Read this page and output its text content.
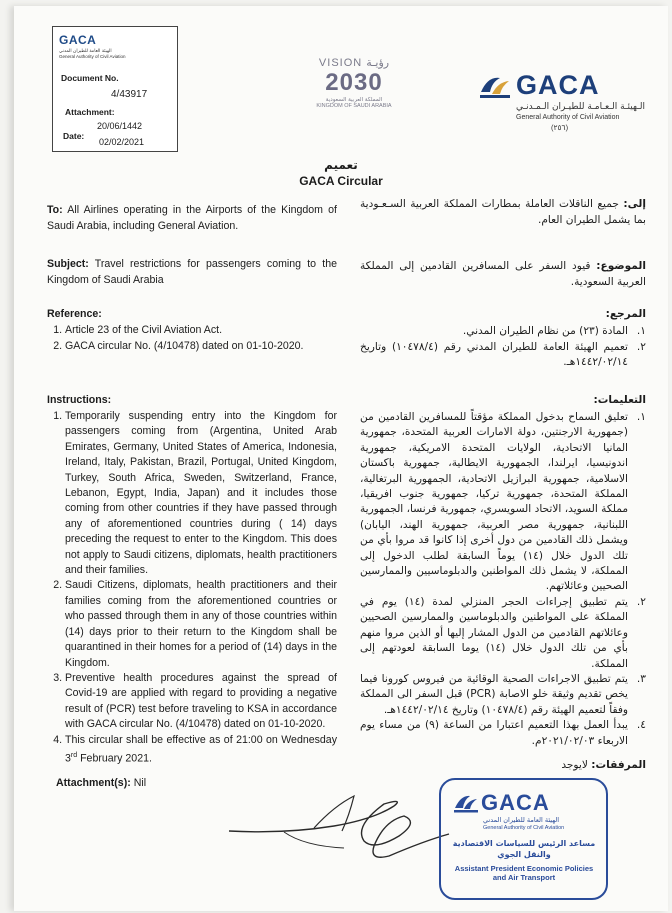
GACA
الهيئة العامة للطيران المدني
General Authority of Civil Aviation
Document No.
4/43917
Attachment:
20/06/1442
Date:
02/02/2021
VISION رؤيـة
2030
المملكة العربية السعودية
KINGDOM OF SAUDI ARABIA
GACA
الـهيئـة الـعـامـة للطيـران الـمـدنـي
General Authority of Civil Aviation
(٢٥٦)
تعميم
GACA Circular
To: All Airlines operating in the Airports of the Kingdom of Saudi Arabia, including General Aviation.
إلى: جميع الناقلات العاملة بمطارات المملكة العربية السـعـودية بما يشمل الطيران العام.
Subject: Travel restrictions for passengers coming to the Kingdom of Saudi Arabia
الموضوع: قيود السفر على المسافرين القادمين إلى المملكة العربية السعودية.
Reference:
1. Article 23 of the Civil Aviation Act.
2. GACA circular No. (4/10478) dated on 01-10-2020.
المرجع:
١.
المادة (٢٣) من نظام الطيران المدني.
٢.
تعميم الهيئة العامة للطيران المدني رقم (١٠٤٧٨/٤) وتاريخ ١٤٤٢/٠٢/١٤هـ.
Instructions:
1. Temporarily suspending entry into the Kingdom for passengers coming from (Argentina, United Arab Emirates, Germany, United States of America, Indonesia, Ireland, Italy, Pakistan, Brazil, Portugal, United Kingdom, Turkey, South Africa, Sweden, Switzerland, France, Lebanon, Egypt, India, Japan) and it includes those coming from other countries if they have passed through any of aforementioned countries during ( 14) days preceding the request to enter to the Kingdom. This does not apply to Saudi citizens, diplomats, health practitioners and their families.
2. Saudi Citizens, diplomats, health practitioners and their families coming from the aforementioned countries or who passed through them in any of those countries within (14) days prior to their return to the Kingdom shall be quarantined in their homes for a period of (14) days in the Kingdom.
3. Preventive health procedures against the spread of Covid-19 are applied with regard to providing a negative result of (PCR) test before traveling to KSA in accordance with GACA circular No. (4/10478) dated on 01-10-2020.
4. This circular shall be effective as of 21:00 on Wednesday 3rd February 2021.
التعليمات:
١.
تعليق السماح بدخول المملكة مؤقتاً للمسافرين القادمين من (جمهورية الارجنتين، دولة الامارات العربية المتحدة، جمهورية المانيا الاتحادية، الولايات المتحدة الامريكية، جمهورية اندونيسيا، ايرلندا، الجمهورية الايطالية، جمهورية باكستان الاسلامية، جمهورية البرازيل الاتحادية، الجمهورية البرتغالية، المملكة المتحدة، جمهورية تركيا، جمهورية جنوب افريقيا، مملكة السويد، الاتحاد السويسري، جمهورية فرنسا، الجمهورية اللبنانية، جمهورية مصر العربية، جمهورية الهند، اليابان) ويشمل ذلك القادمين من دول أخرى إذا كانوا قد مروا بأي من تلك الدول خلال (١٤) يوماً السابقة لطلب الدخول إلى المملكة، لا يشمل ذلك المواطنين والدبلوماسيين والممارسين الصحيين وعائلاتهم.
٢.
يتم تطبيق إجراءات الحجر المنزلي لمدة (١٤) يوم في المملكة على المواطنين والدبلوماسين والممارسين الصحيين وعائلاتهم القادمين من الدول المشار إليها أو الذين مروا منهم بأي من تلك الدول خلال (١٤) يوما السابقة لعودتهم إلى المملكة.
٣.
يتم تطبيق الاجراءات الصحية الوقائية من فيروس كورونا فيما يخص تقديم وثيقة خلو الاصابة (PCR) قبل السفر الى المملكة وفقاً لتعميم الهيئة رقم (١٠٤٧٨/٤) وتاريخ ١٤٤٢/٠٢/١٤هـ.
٤.
يبدأ العمل بهذا التعميم اعتبارا من الساعة (٩) من مساء يوم الاربعاء ٢٠٢١/٠٢/٠٣م.
Attachment(s): Nil
المرفقات: لايوجد
GACA
الهيئة العامة للطيران المدني
General Authority of Civil Aviation
مساعد الرئيس للسياسات الاقتصادية والنقل الجوي
Assistant President Economic Policies and Air Transport
